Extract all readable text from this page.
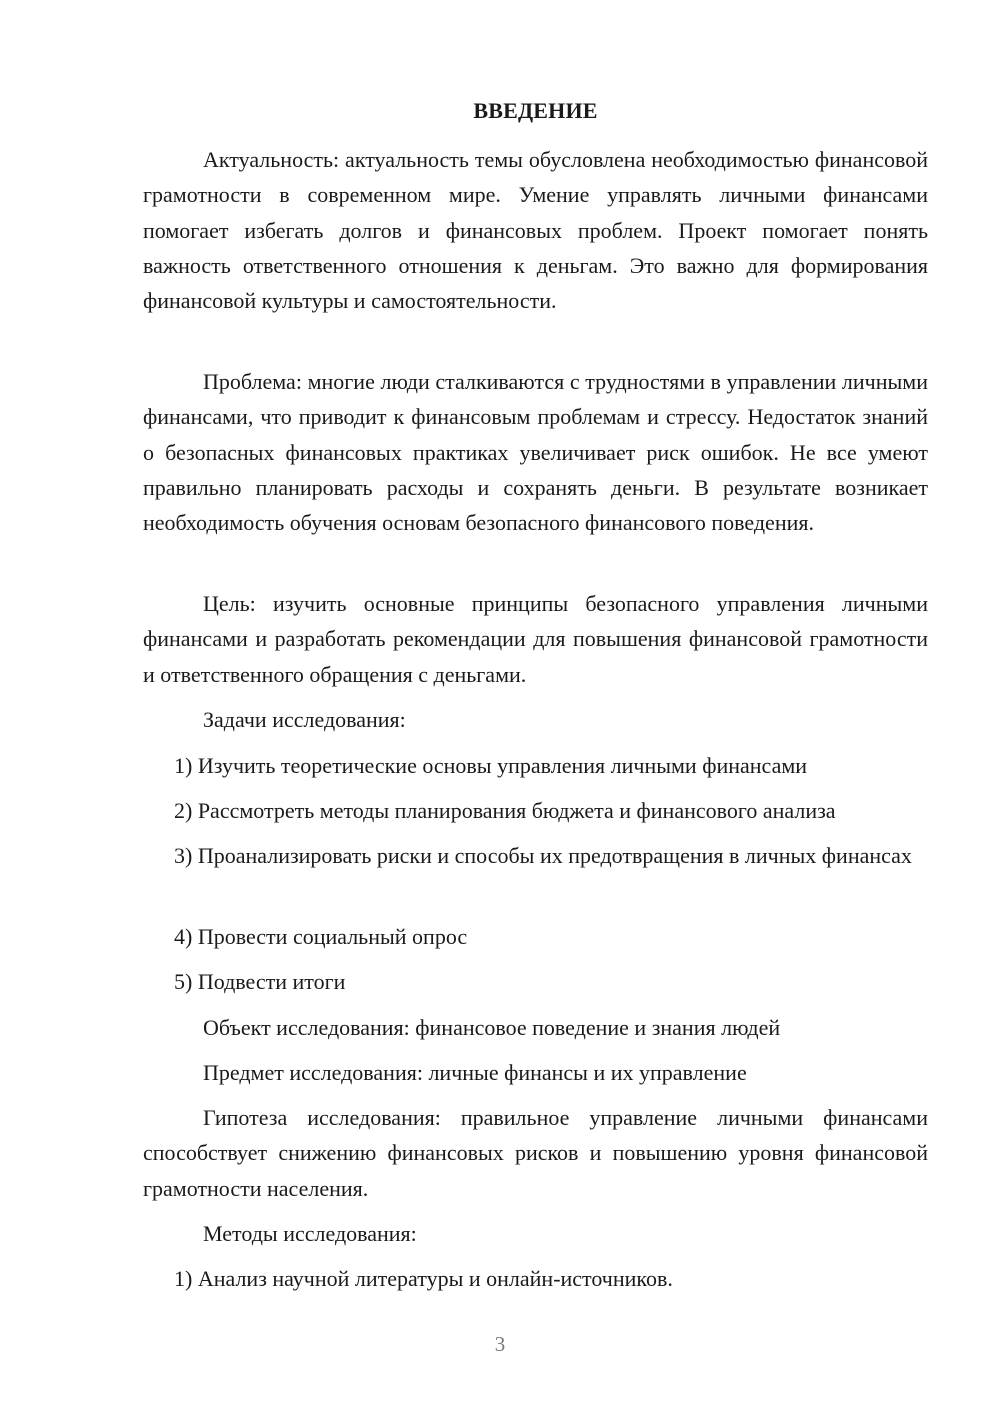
ВВЕДЕНИЕ
Актуальность: актуальность темы обусловлена необходимостью финансовой грамотности в современном мире. Умение управлять личными финансами помогает избегать долгов и финансовых проблем. Проект помогает понять важность ответственного отношения к деньгам. Это важно для формирования финансовой культуры и самостоятельности.
Проблема: многие люди сталкиваются с трудностями в управлении личными финансами, что приводит к финансовым проблемам и стрессу. Недостаток знаний о безопасных финансовых практиках увеличивает риск ошибок. Не все умеют правильно планировать расходы и сохранять деньги. В результате возникает необходимость обучения основам безопасного финансового поведения.
Цель: изучить основные принципы безопасного управления личными финансами и разработать рекомендации для повышения финансовой грамотности и ответственного обращения с деньгами.
Задачи исследования:
1) Изучить теоретические основы управления личными финансами
2) Рассмотреть методы планирования бюджета и финансового анализа
3) Проанализировать риски и способы их предотвращения в личных финансах
4) Провести социальный опрос
5) Подвести итоги
Объект исследования: финансовое поведение и знания людей
Предмет исследования: личные финансы и их управление
Гипотеза исследования: правильное управление личными финансами способствует снижению финансовых рисков и повышению уровня финансовой грамотности населения.
Методы исследования:
1) Анализ научной литературы и онлайн-источников.
3
